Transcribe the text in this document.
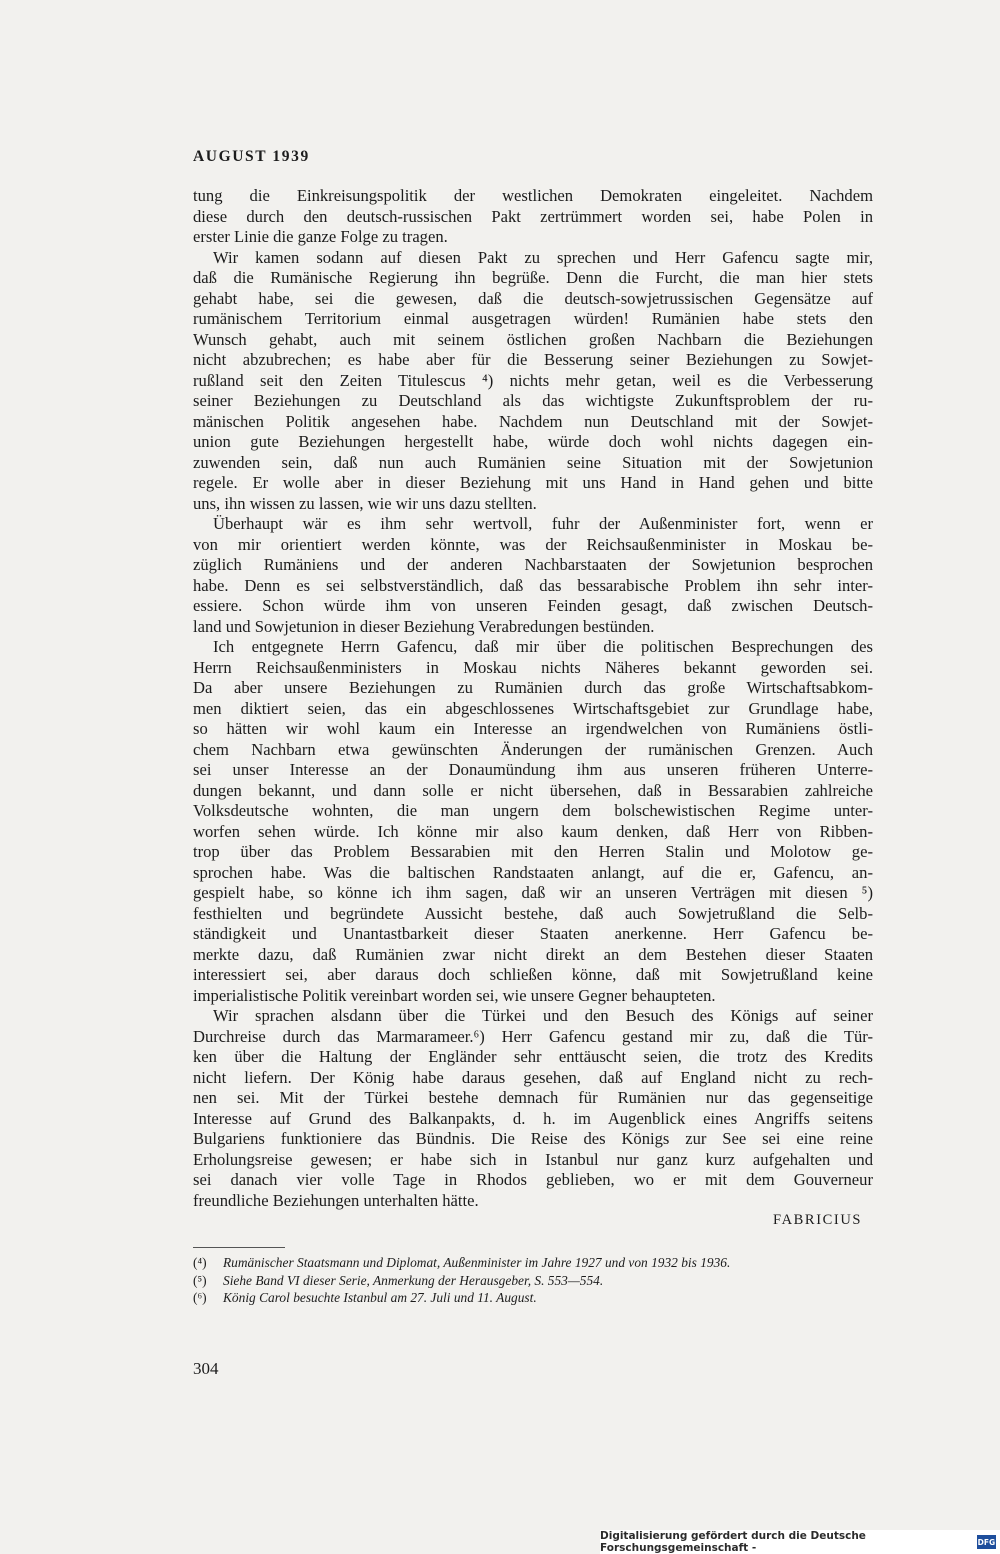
AUGUST 1939
tung die Einkreisungspolitik der westlichen Demokraten eingeleitet. Nachdem
diese durch den deutsch-russischen Pakt zertrümmert worden sei, habe Polen in
erster Linie die ganze Folge zu tragen.
Wir kamen sodann auf diesen Pakt zu sprechen und Herr Gafencu sagte mir,
daß die Rumänische Regierung ihn begrüße. Denn die Furcht, die man hier stets
gehabt habe, sei die gewesen, daß die deutsch-sowjetrussischen Gegensätze auf
rumänischem Territorium einmal ausgetragen würden! Rumänien habe stets den
Wunsch gehabt, auch mit seinem östlichen großen Nachbarn die Beziehungen
nicht abzubrechen; es habe aber für die Besserung seiner Beziehungen zu Sowjet-
rußland seit den Zeiten Titulescus ⁴) nichts mehr getan, weil es die Verbesserung
seiner Beziehungen zu Deutschland als das wichtigste Zukunftsproblem der ru-
mänischen Politik angesehen habe. Nachdem nun Deutschland mit der Sowjet-
union gute Beziehungen hergestellt habe, würde doch wohl nichts dagegen ein-
zuwenden sein, daß nun auch Rumänien seine Situation mit der Sowjetunion
regele. Er wolle aber in dieser Beziehung mit uns Hand in Hand gehen und bitte
uns, ihn wissen zu lassen, wie wir uns dazu stellten.
Überhaupt wär es ihm sehr wertvoll, fuhr der Außenminister fort, wenn er
von mir orientiert werden könnte, was der Reichsaußenminister in Moskau be-
züglich Rumäniens und der anderen Nachbarstaaten der Sowjetunion besprochen
habe. Denn es sei selbstverständlich, daß das bessarabische Problem ihn sehr inter-
essiere. Schon würde ihm von unseren Feinden gesagt, daß zwischen Deutsch-
land und Sowjetunion in dieser Beziehung Verabredungen bestünden.
Ich entgegnete Herrn Gafencu, daß mir über die politischen Besprechungen des
Herrn Reichsaußenministers in Moskau nichts Näheres bekannt geworden sei.
Da aber unsere Beziehungen zu Rumänien durch das große Wirtschaftsabkom-
men diktiert seien, das ein abgeschlossenes Wirtschaftsgebiet zur Grundlage habe,
so hätten wir wohl kaum ein Interesse an irgendwelchen von Rumäniens östli-
chem Nachbarn etwa gewünschten Änderungen der rumänischen Grenzen. Auch
sei unser Interesse an der Donaumündung ihm aus unseren früheren Unterre-
dungen bekannt, und dann solle er nicht übersehen, daß in Bessarabien zahlreiche
Volksdeutsche wohnten, die man ungern dem bolschewistischen Regime unter-
worfen sehen würde. Ich könne mir also kaum denken, daß Herr von Ribben-
trop über das Problem Bessarabien mit den Herren Stalin und Molotow ge-
sprochen habe. Was die baltischen Randstaaten anlangt, auf die er, Gafencu, an-
gespielt habe, so könne ich ihm sagen, daß wir an unseren Verträgen mit diesen ⁵)
festhielten und begründete Aussicht bestehe, daß auch Sowjetrußland die Selb-
ständigkeit und Unantastbarkeit dieser Staaten anerkenne. Herr Gafencu be-
merkte dazu, daß Rumänien zwar nicht direkt an dem Bestehen dieser Staaten
interessiert sei, aber daraus doch schließen könne, daß mit Sowjetrußland keine
imperialistische Politik vereinbart worden sei, wie unsere Gegner behaupteten.
Wir sprachen alsdann über die Türkei und den Besuch des Königs auf seiner
Durchreise durch das Marmarameer.⁶) Herr Gafencu gestand mir zu, daß die Tür-
ken über die Haltung der Engländer sehr enttäuscht seien, die trotz des Kredits
nicht liefern. Der König habe daraus gesehen, daß auf England nicht zu rech-
nen sei. Mit der Türkei bestehe demnach für Rumänien nur das gegenseitige
Interesse auf Grund des Balkanpakts, d. h. im Augenblick eines Angriffs seitens
Bulgariens funktioniere das Bündnis. Die Reise des Königs zur See sei eine reine
Erholungsreise gewesen; er habe sich in Istanbul nur ganz kurz aufgehalten und
sei danach vier volle Tage in Rhodos geblieben, wo er mit dem Gouverneur
freundliche Beziehungen unterhalten hätte.
FABRICIUS
(⁴)	Rumänischer Staatsmann und Diplomat, Außenminister im Jahre 1927 und von 1932 bis 1936.
(⁵)	Siehe Band VI dieser Serie, Anmerkung der Herausgeber, S. 553—554.
(⁶)	König Carol besuchte Istanbul am 27. Juli und 11. August.
304
Digitalisierung gefördert durch die Deutsche Forschungsgemeinschaft -	DFG
